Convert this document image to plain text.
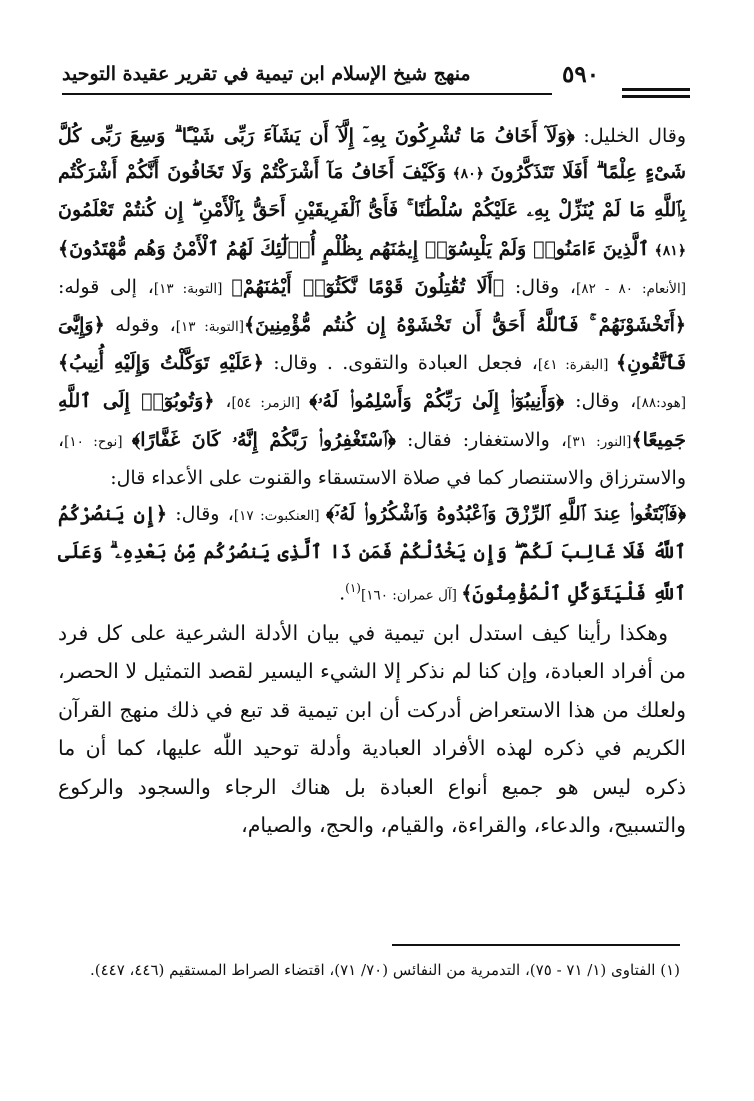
منهج شيخ الإسلام ابن تيمية في تقرير عقيدة التوحيد	٥٩٠

وقال الخليل: ﴿وَلَآ أَخَافُ مَا تُشْرِكُونَ بِهِۦٓ إِلَّآ أَن يَشَآءَ رَبِّى شَيْـًٔا ۗ وَسِعَ رَبِّى كُلَّ شَىْءٍ عِلْمًا ۗ أَفَلَا تَتَذَكَّرُونَ ﴿٨٠﴾ وَكَيْفَ أَخَافُ مَآ أَشْرَكْتُمْ وَلَا تَخَافُونَ أَنَّكُمْ أَشْرَكْتُم بِٱللَّهِ مَا لَمْ يُنَزِّلْ بِهِۦ عَلَيْكُمْ سُلْطَٰنًا ۚ فَأَىُّ ٱلْفَرِيقَيْنِ أَحَقُّ بِٱلْأَمْنِ ۖ إِن كُنتُمْ تَعْلَمُونَ ﴿٨١﴾ ٱلَّذِينَ ءَامَنُوا۟ وَلَمْ يَلْبِسُوٓا۟ إِيمَٰنَهُم بِظُلْمٍ أُو۟لَٰٓئِكَ لَهُمُ ٱلْأَمْنُ وَهُم مُّهْتَدُونَ﴾ [الأنعام: ٨٠ - ٨٢]، وقال: ﴿أَلَا تُقَٰتِلُونَ قَوْمًا نَّكَثُوٓا۟ أَيْمَٰنَهُمْ﴾ [التوبة: ١٣]، إلى قوله: ﴿أَتَخْشَوْنَهُمْ ۚ فَٱللَّهُ أَحَقُّ أَن تَخْشَوْهُ إِن كُنتُم مُّؤْمِنِينَ﴾[التوبة: ١٣]، وقوله ﴿وَإِيَّٰىَ فَٱتَّقُونِ﴾ [البقرة: ٤١]، فجعل العبادة والتقوى. . وقال: ﴿عَلَيْهِ تَوَكَّلْتُ وَإِلَيْهِ أُنِيبُ﴾ [هود:٨٨]، وقال: ﴿وَأَنِيبُوٓا۟ إِلَىٰ رَبِّكُمْ وَأَسْلِمُوا۟ لَهُۥ﴾ [الزمر: ٥٤]، ﴿وَتُوبُوٓا۟ إِلَى ٱللَّهِ جَمِيعًا﴾[النور: ٣١]، والاستغفار: فقال: ﴿ٱسْتَغْفِرُوا۟ رَبَّكُمْ إِنَّهُۥ كَانَ غَفَّارًا﴾ [نوح: ١٠]، والاسترزاق والاستنصار كما في صلاة الاستسقاء والقنوت على الأعداء قال:

﴿فَٱبْتَغُوا۟ عِندَ ٱللَّهِ ٱلرِّزْقَ وَٱعْبُدُوهُ وَٱشْكُرُوا۟ لَهُۥٓ﴾ [العنكبوت: ١٧]، وقال: ﴿إِن يَنصُرْكُمُ ٱللَّهُ فَلَا غَالِبَ لَكُمْ ۖ وَإِن يَخْذُلْكُمْ فَمَن ذَا ٱلَّذِى يَنصُرُكُم مِّنۢ بَعْدِهِۦ ۗ وَعَلَى ٱللَّهِ فَلْيَتَوَكَّلِ ٱلْمُؤْمِنُونَ﴾ [آل عمران: ١٦٠]$^{(١)}$.

وهكذا رأينا كيف استدل ابن تيمية في بيان الأدلة الشرعية على كل فرد من أفراد العبادة، وإن كنا لم نذكر إلا الشيء اليسير لقصد التمثيل لا الحصر، ولعلك من هذا الاستعراض أدركت أن ابن تيمية قد تبع في ذلك منهج القرآن الكريم في ذكره لهذه الأفراد العبادية وأدلة توحيد اللّٰه عليها، كما أن ما ذكره ليس هو جميع أنواع العبادة بل هناك الرجاء والسجود والركوع والتسبيح، والدعاء، والقراءة، والقيام، والحج، والصيام،

(١) الفتاوى (١/ ٧١ - ٧٥)، التدمرية من النفائس (٧٠/ ٧١)، اقتضاء الصراط المستقيم (٤٤٦، ٤٤٧).
